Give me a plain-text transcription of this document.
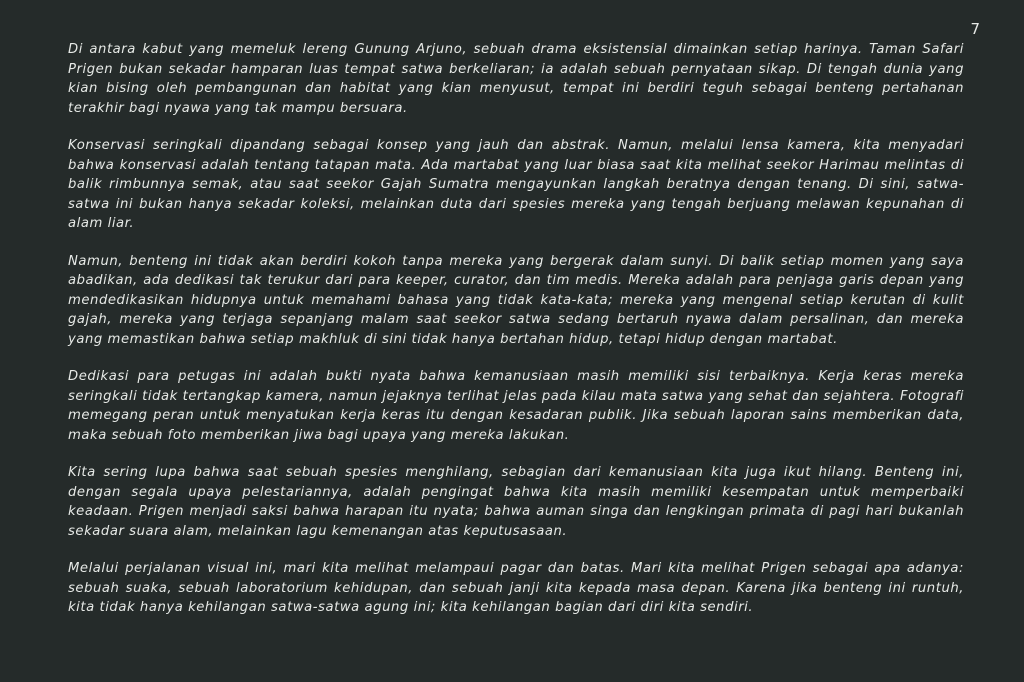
7

Di antara kabut yang memeluk lereng Gunung Arjuno, sebuah drama eksistensial dimainkan setiap harinya. Taman Safari Prigen bukan sekadar hamparan luas tempat satwa berkeliaran; ia adalah sebuah pernyataan sikap. Di tengah dunia yang kian bising oleh pembangunan dan habitat yang kian menyusut, tempat ini berdiri teguh sebagai benteng pertahanan terakhir bagi nyawa yang tak mampu bersuara.

Konservasi seringkali dipandang sebagai konsep yang jauh dan abstrak. Namun, melalui lensa kamera, kita menyadari bahwa konservasi adalah tentang tatapan mata. Ada martabat yang luar biasa saat kita melihat seekor Harimau melintas di balik rimbunnya semak, atau saat seekor Gajah Sumatra mengayunkan langkah beratnya dengan tenang. Di sini, satwa-satwa ini bukan hanya sekadar koleksi, melainkan duta dari spesies mereka yang tengah berjuang melawan kepunahan di alam liar.

Namun, benteng ini tidak akan berdiri kokoh tanpa mereka yang bergerak dalam sunyi. Di balik setiap momen yang saya abadikan, ada dedikasi tak terukur dari para keeper, curator, dan tim medis. Mereka adalah para penjaga garis depan yang mendedikasikan hidupnya untuk memahami bahasa yang tidak kata-kata; mereka yang mengenal setiap kerutan di kulit gajah, mereka yang terjaga sepanjang malam saat seekor satwa sedang bertaruh nyawa dalam persalinan, dan mereka yang memastikan bahwa setiap makhluk di sini tidak hanya bertahan hidup, tetapi hidup dengan martabat.

Dedikasi para petugas ini adalah bukti nyata bahwa kemanusiaan masih memiliki sisi terbaiknya. Kerja keras mereka seringkali tidak tertangkap kamera, namun jejaknya terlihat jelas pada kilau mata satwa yang sehat dan sejahtera. Fotografi memegang peran untuk menyatukan kerja keras itu dengan kesadaran publik. Jika sebuah laporan sains memberikan data, maka sebuah foto memberikan jiwa bagi upaya yang mereka lakukan.

Kita sering lupa bahwa saat sebuah spesies menghilang, sebagian dari kemanusiaan kita juga ikut hilang. Benteng ini, dengan segala upaya pelestariannya, adalah pengingat bahwa kita masih memiliki kesempatan untuk memperbaiki keadaan. Prigen menjadi saksi bahwa harapan itu nyata; bahwa auman singa dan lengkingan primata di pagi hari bukanlah sekadar suara alam, melainkan lagu kemenangan atas keputusasaan.

Melalui perjalanan visual ini, mari kita melihat melampaui pagar dan batas. Mari kita melihat Prigen sebagai apa adanya: sebuah suaka, sebuah laboratorium kehidupan, dan sebuah janji kita kepada masa depan. Karena jika benteng ini runtuh, kita tidak hanya kehilangan satwa-satwa agung ini; kita kehilangan bagian dari diri kita sendiri.
